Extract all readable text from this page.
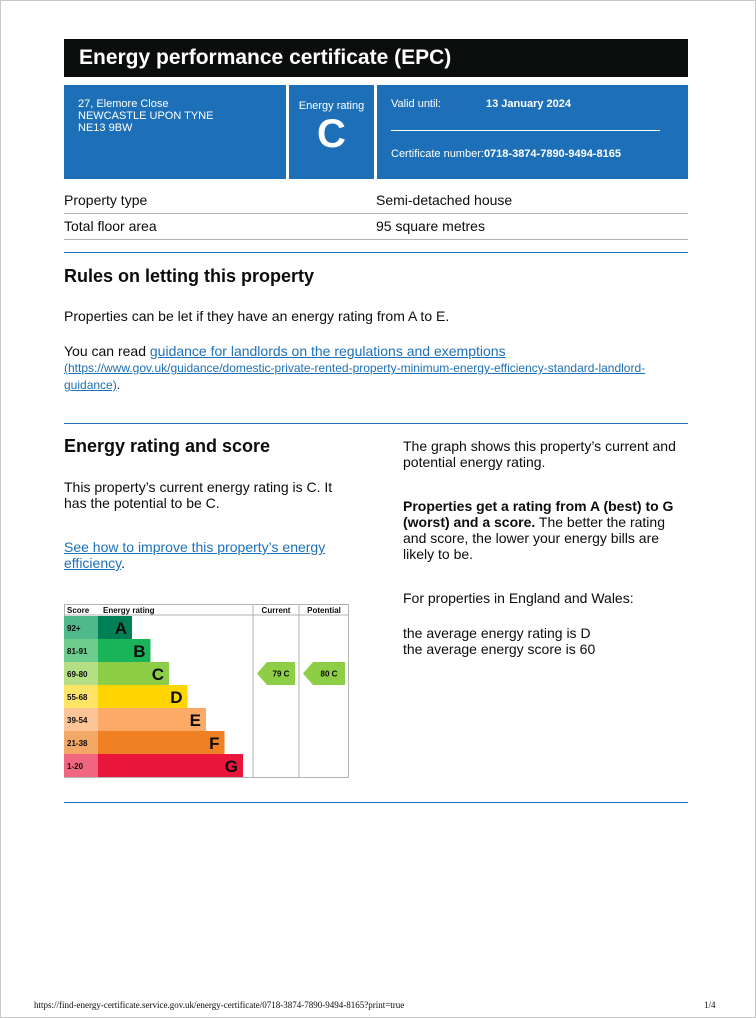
Energy performance certificate (EPC)
27, Elemore Close
NEWCASTLE UPON TYNE
NE13 9BW
Energy rating
C
Valid until:	13 January 2024
Certificate number:0718-3874-7890-9494-8165
Property type	Semi-detached house
Total floor area	95 square metres
Rules on letting this property

Properties can be let if they have an energy rating from A to E.

You can read guidance for landlords on the regulations and exemptions
(https://www.gov.uk/guidance/domestic-private-rented-property-minimum-energy-efficiency-standard-landlord-guidance).

Energy rating and score

This property’s current energy rating is C. It has the potential to be C.

See how to improve this property’s energy efficiency.

The graph shows this property’s current and potential energy rating.

Properties get a rating from A (best) to G (worst) and a score. The better the rating and score, the lower your energy bills are likely to be.

For properties in England and Wales:

the average energy rating is D

the average energy score is 60

Score Energy rating	Current Potential
92+ A
81-91	B
69-80	C
55-68	D
39-54	E
21-38	F
1-20	G
79 C	80 C
https://find-energy-certificate.service.gov.uk/energy-certificate/0718-3874-7890-9494-8165?print=true	1/4
